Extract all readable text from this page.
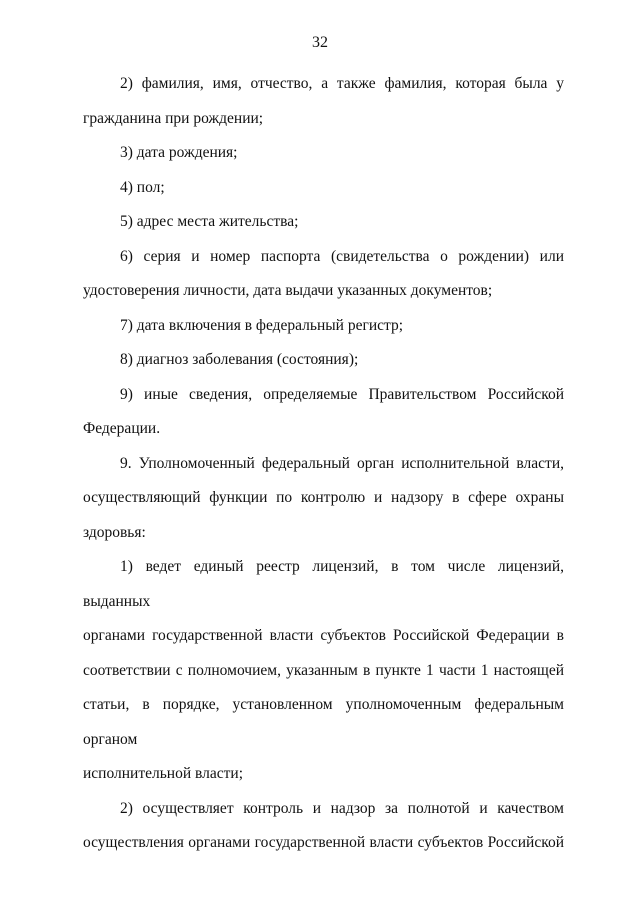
32
2) фамилия, имя, отчество, а также фамилия, которая была у
гражданина при рождении;
3) дата рождения;
4) пол;
5) адрес места жительства;
6) серия и номер паспорта (свидетельства о рождении) или
удостоверения личности, дата выдачи указанных документов;
7) дата включения в федеральный регистр;
8) диагноз заболевания (состояния);
9) иные сведения, определяемые Правительством Российской
Федерации.
9. Уполномоченный федеральный орган исполнительной власти,
осуществляющий функции по контролю и надзору в сфере охраны
здоровья:
1) ведет единый реестр лицензий, в том числе лицензий, выданных
органами государственной власти субъектов Российской Федерации в
соответствии с полномочием, указанным в пункте 1 части 1 настоящей
статьи, в порядке, установленном уполномоченным федеральным органом
исполнительной власти;
2) осуществляет контроль и надзор за полнотой и качеством
осуществления органами государственной власти субъектов Российской
